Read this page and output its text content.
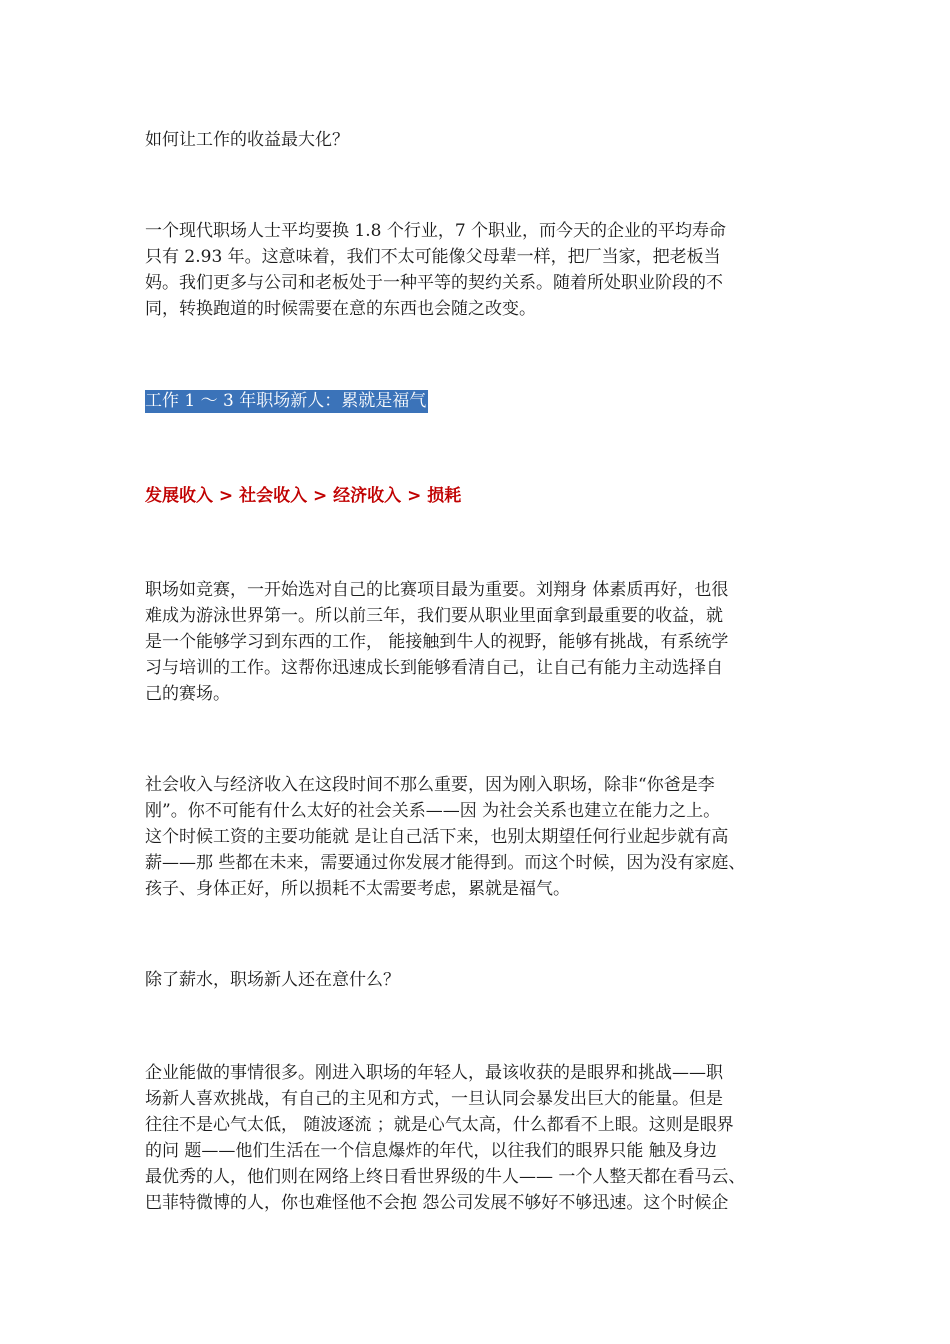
如何让工作的收益最大化？
一个现代职场人士平均要换 1.8 个行业，7 个职业，而今天的企业的平均寿命
只有 2.93 年。这意味着，我们不太可能像父母辈一样，把厂当家，把老板当
妈。我们更多与公司和老板处于一种平等的契约关系。随着所处职业阶段的不
同，转换跑道的时候需要在意的东西也会随之改变。
工作 1 ～ 3 年职场新人：累就是福气
发展收入 > 社会收入 > 经济收入 > 损耗
职场如竞赛，一开始选对自己的比赛项目最为重要。刘翔身 体素质再好，也很
难成为游泳世界第一。所以前三年，我们要从职业里面拿到最重要的收益，就
是一个能够学习到东西的工作， 能接触到牛人的视野，能够有挑战，有系统学
习与培训的工作。这帮你迅速成长到能够看清自己，让自己有能力主动选择自
己的赛场。
社会收入与经济收入在这段时间不那么重要，因为刚入职场，除非“你爸是李
刚”。你不可能有什么太好的社会关系——因 为社会关系也建立在能力之上。
这个时候工资的主要功能就 是让自己活下来，也别太期望任何行业起步就有高
薪——那 些都在未来，需要通过你发展才能得到。而这个时候，因为没有家庭、
孩子、身体正好，所以损耗不太需要考虑，累就是福气。
除了薪水，职场新人还在意什么？
企业能做的事情很多。刚进入职场的年轻人，最该收获的是眼界和挑战——职
场新人喜欢挑战，有自己的主见和方式，一旦认同会暴发出巨大的能量。但是
往往不是心气太低， 随波逐流 ；就是心气太高，什么都看不上眼。这则是眼界
的问 题——他们生活在一个信息爆炸的年代，以往我们的眼界只能 触及身边
最优秀的人，他们则在网络上终日看世界级的牛人—— 一个人整天都在看马云、
巴菲特微博的人，你也难怪他不会抱 怨公司发展不够好不够迅速。这个时候企
